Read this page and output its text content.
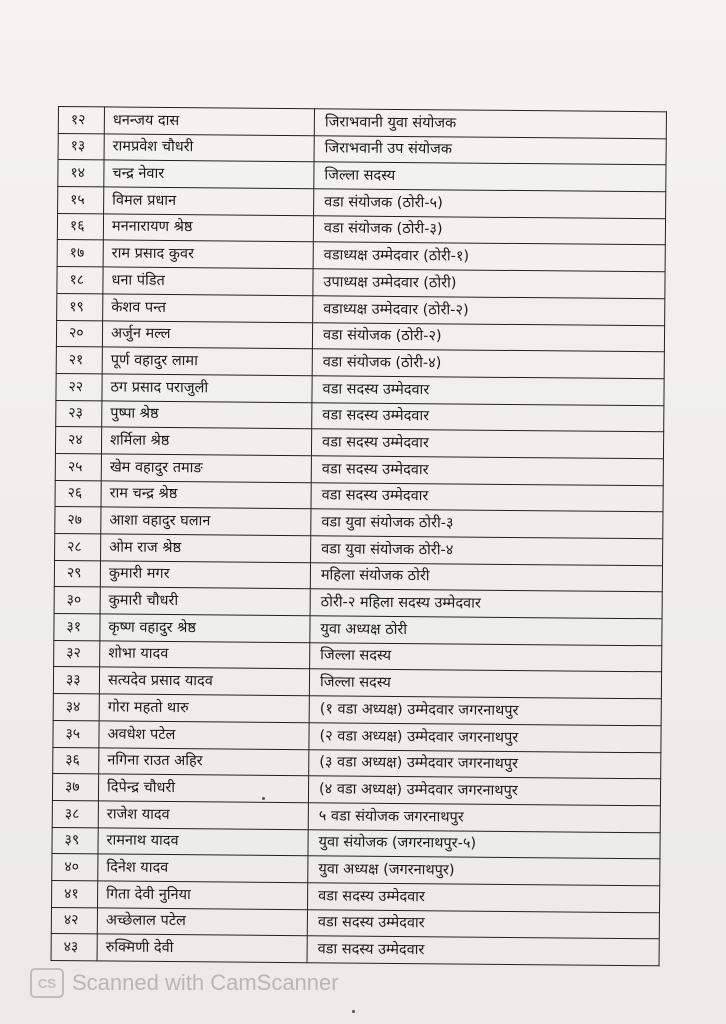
१२	धनन्जय दास	जिराभवानी युवा संयोजक
१३	रामप्रवेश चौधरी	जिराभवानी उप संयोजक
१४	चन्द्र नेवार	जिल्ला सदस्य
१५	विमल प्रधान	वडा संयोजक (ठोरी-५)
१६	मननारायण श्रेष्ठ	वडा संयोजक (ठोरी-३)
१७	राम प्रसाद कुवर	वडाध्यक्ष उम्मेदवार (ठोरी-१)
१८	धना पंडित	उपाध्यक्ष उम्मेदवार (ठोरी)
१९	केशव पन्त	वडाध्यक्ष उम्मेदवार (ठोरी-२)
२०	अर्जुन मल्ल	वडा संयोजक (ठोरी-२)
२१	पूर्ण वहादुर लामा	वडा संयोजक (ठोरी-४)
२२	ठग प्रसाद पराजुली	वडा सदस्य उम्मेदवार
२३	पुष्पा श्रेष्ठ	वडा सदस्य उम्मेदवार
२४	शर्मिला श्रेष्ठ	वडा सदस्य उम्मेदवार
२५	खेम वहादुर तमाङ	वडा सदस्य उम्मेदवार
२६	राम चन्द्र श्रेष्ठ	वडा सदस्य उम्मेदवार
२७	आशा वहादुर घलान	वडा युवा संयोजक ठोरी-३
२८	ओम राज श्रेष्ठ	वडा युवा संयोजक ठोरी-४
२९	कुमारी मगर	महिला संयोजक ठोरी
३०	कुमारी चौधरी	ठोरी-२ महिला सदस्य उम्मेदवार
३१	कृष्ण वहादुर श्रेष्ठ	युवा अध्यक्ष ठोरी
३२	शोभा यादव	जिल्ला सदस्य
३३	सत्यदेव प्रसाद यादव	जिल्ला सदस्य
३४	गोरा महतो थारु	(१ वडा अध्यक्ष) उम्मेदवार जगरनाथपुर
३५	अवधेश पटेल	(२ वडा अध्यक्ष) उम्मेदवार जगरनाथपुर
३६	नगिना राउत अहिर	(३ वडा अध्यक्ष) उम्मेदवार जगरनाथपुर
३७	दिपेन्द्र चौधरी	(४ वडा अध्यक्ष) उम्मेदवार जगरनाथपुर
३८	राजेश यादव	५ वडा संयोजक जगरनाथपुर
३९	रामनाथ यादव	युवा संयोजक (जगरनाथपुर-५)
४०	दिनेश यादव	युवा अध्यक्ष (जगरनाथपुर)
४१	गिता देवी नुनिया	वडा सदस्य उम्मेदवार
४२	अच्छेलाल पटेल	वडा सदस्य उम्मेदवार
४३	रुक्मिणी देवी	वडा सदस्य उम्मेदवार
CS Scanned with CamScanner
